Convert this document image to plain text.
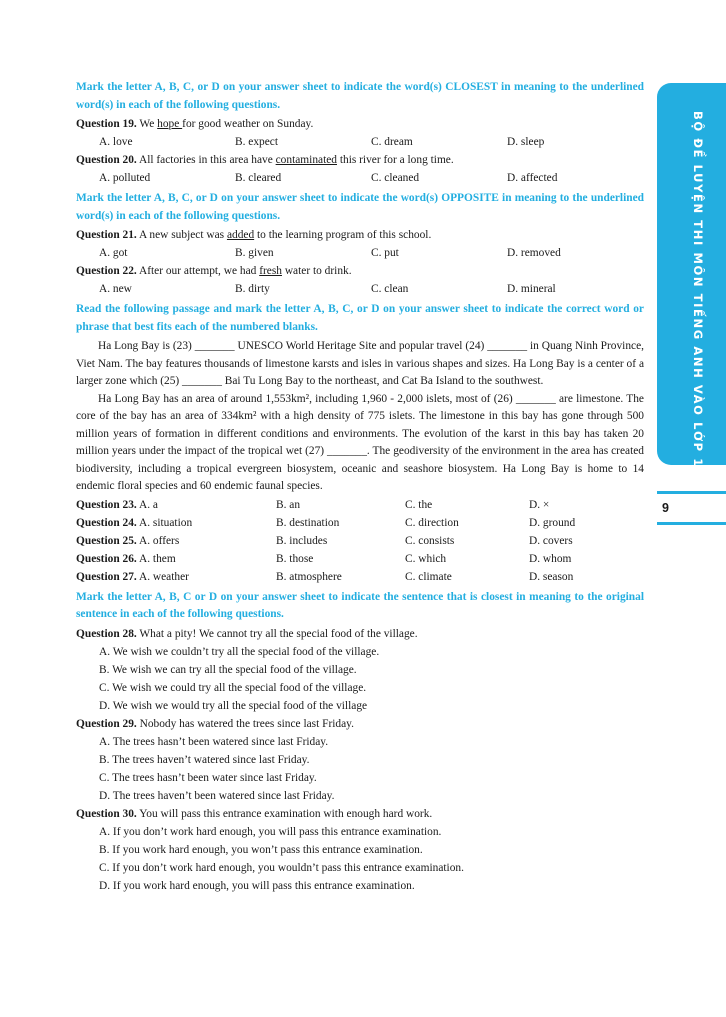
BỘ ĐỀ LUYỆN THI MÔN TIẾNG ANH VÀO LỚP 10
9
Mark the letter A, B, C, or D on your answer sheet to indicate the word(s) CLOSEST in meaning to the underlined word(s) in each of the following questions.
Question 19. We hope for good weather on Sunday.
A. love	B. expect	C. dream	D. sleep
Question 20. All factories in this area have contaminated this river for a long time.
A. polluted	B. cleared	C. cleaned	D. affected
Mark the letter A, B, C, or D on your answer sheet to indicate the word(s) OPPOSITE in meaning to the underlined word(s) in each of the following questions.
Question 21. A new subject was added to the learning program of this school.
A. got	B. given	C. put	D. removed
Question 22. After our attempt, we had fresh water to drink.
A. new	B. dirty	C. clean	D. mineral
Read the following passage and mark the letter A, B, C, or D on your answer sheet to indicate the correct word or phrase that best fits each of the numbered blanks.

Ha Long Bay is (23) _______ UNESCO World Heritage Site and popular travel (24) _______ in Quang Ninh Province, Viet Nam. The bay features thousands of limestone karsts and isles in various shapes and sizes. Ha Long Bay is a center of a larger zone which (25) _______ Bai Tu Long Bay to the northeast, and Cat Ba Island to the southwest.

Ha Long Bay has an area of around 1,553km², including 1,960 - 2,000 islets, most of (26) _______ are limestone. The core of the bay has an area of 334km² with a high density of 775 islets. The limestone in this bay has gone through 500 million years of formation in different conditions and environments. The evolution of the karst in this bay has taken 20 million years under the impact of the tropical wet (27) _______. The geodiversity of the environment in the area has created biodiversity, including a tropical evergreen biosystem, oceanic and seashore biosystem. Ha Long Bay is home to 14 endemic floral species and 60 endemic faunal species.

Question 23. A. a	B. an	C. the	D. ×
Question 24. A. situation	B. destination	C. direction	D. ground
Question 25. A. offers	B. includes	C. consists	D. covers
Question 26. A. them	B. those	C. which	D. whom
Question 27. A. weather	B. atmosphere	C. climate	D. season
Mark the letter A, B, C or D on your answer sheet to indicate the sentence that is closest in meaning to the original sentence in each of the following questions.
Question 28. What a pity! We cannot try all the special food of the village.
A. We wish we couldn’t try all the special food of the village.
B. We wish we can try all the special food of the village.
C. We wish we could try all the special food of the village.
D. We wish we would try all the special food of the village
Question 29. Nobody has watered the trees since last Friday.
A. The trees hasn’t been watered since last Friday.
B. The trees haven’t watered since last Friday.
C. The trees hasn’t been water since last Friday.
D. The trees haven’t been watered since last Friday.
Question 30. You will pass this entrance examination with enough hard work.
A. If you don’t work hard enough, you will pass this entrance examination.
B. If you work hard enough, you won’t pass this entrance examination.
C. If you don’t work hard enough, you wouldn’t pass this entrance examination.
D. If you work hard enough, you will pass this entrance examination.
